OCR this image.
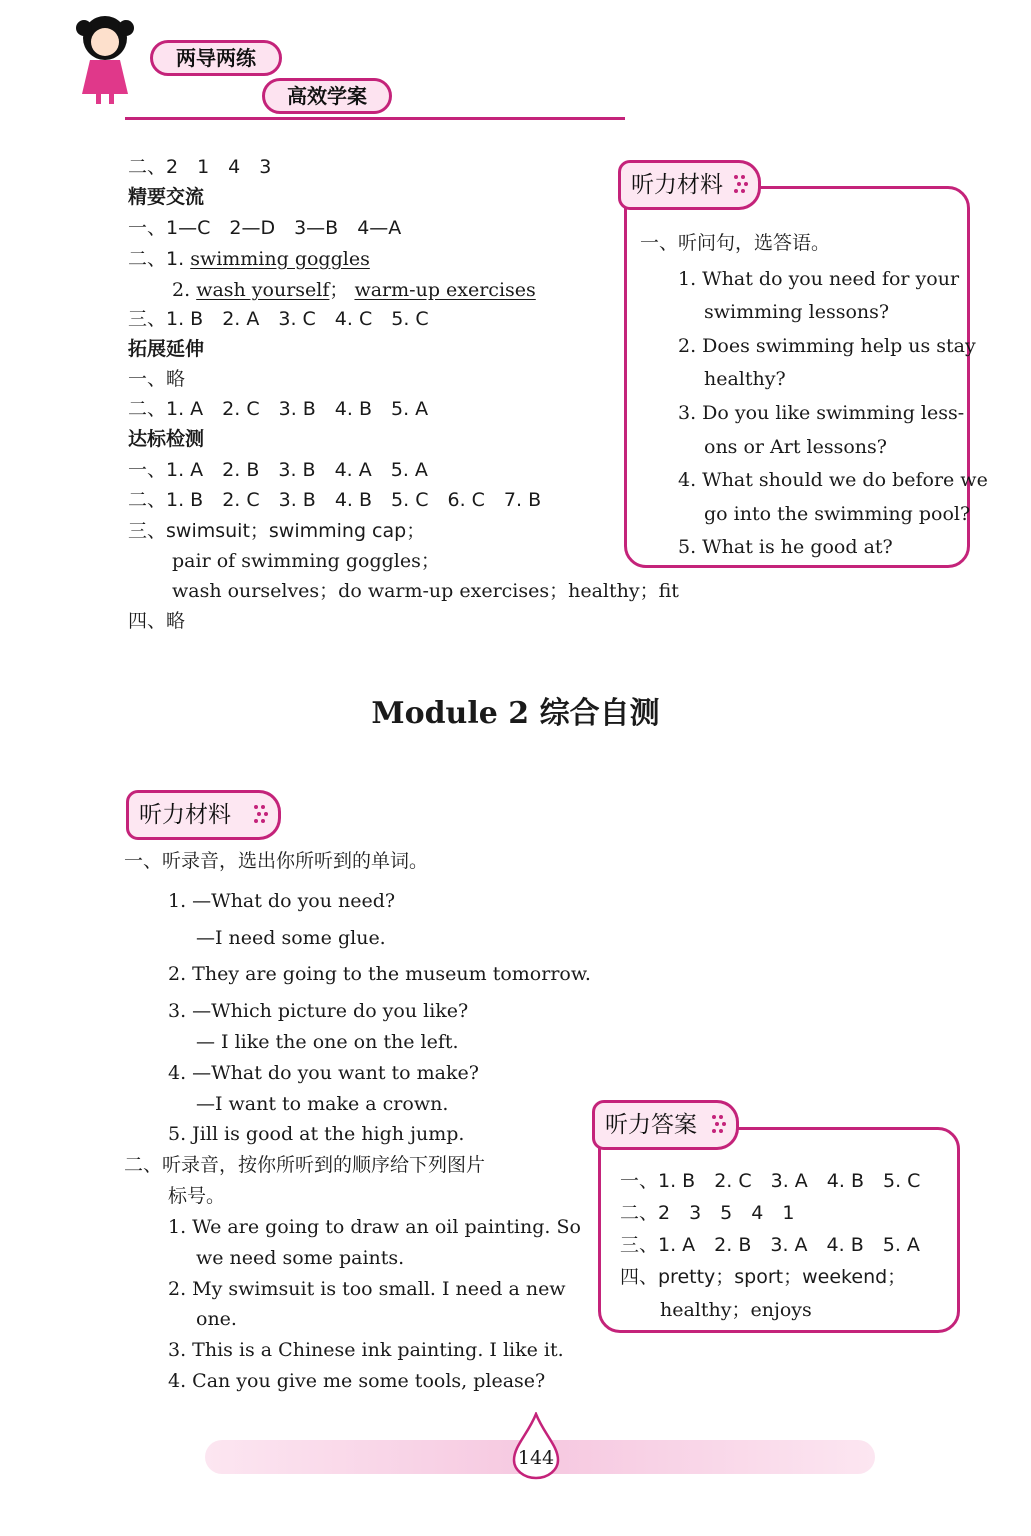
两导两练
高效学案
二、2　1　4　3
精要交流
一、1—C　2—D　3—B　4—A
二、1. swimming goggles
2. wash yourself； warm-up exercises
三、1. B　2. A　3. C　4. C　5. C
拓展延伸
一、略
二、1. A　2. C　3. B　4. B　5. A
达标检测
一、1. A　2. B　3. B　4. A　5. A
二、1. B　2. C　3. B　4. B　5. C　6. C　7. B
三、swimsuit；swimming cap；
pair of swimming goggles；
wash ourselves；do warm-up exercises；healthy；fit
四、略
听力材料
一、听问句，选答语。
1. What do you need for your
swimming lessons?
2. Does swimming help us stay
healthy?
3. Do you like swimming less-
ons or Art lessons?
4. What should we do before we
go into the swimming pool?
5. What is he good at?
Module 2 综合自测
听力材料
一、听录音，选出你所听到的单词。
1. —What do you need?
—I need some glue.
2. They are going to the museum tomorrow.
3. —Which picture do you like?
— I like the one on the left.
4. —What do you want to make?
—I want to make a crown.
5. Jill is good at the high jump.
二、听录音，按你所听到的顺序给下列图片
标号。
1. We are going to draw an oil painting. So
we need some paints.
2. My swimsuit is too small. I need a new
one.
3. This is a Chinese ink painting. I like it.
4. Can you give me some tools, please?
听力答案
一、1. B　2. C　3. A　4. B　5. C
二、2　3　5　4　1
三、1. A　2. B　3. A　4. B　5. A
四、pretty；sport；weekend；
healthy；enjoys
144
